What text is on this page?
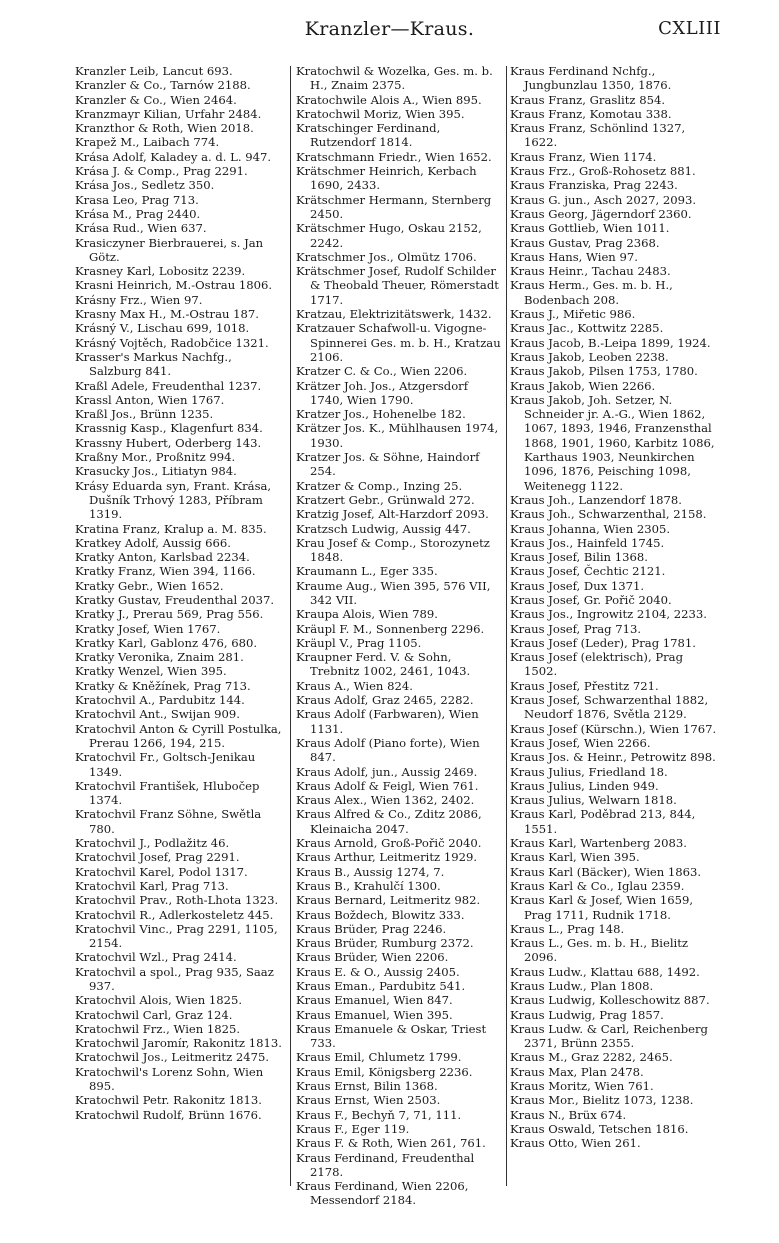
Kranzler—Kraus.	CXLIII
Kranzler Leib, Lancut 693.
Kranzler & Co., Tarnów 2188.
Kranzler & Co., Wien 2464.
Kranzmayr Kilian, Urfahr 2484.
Kranzthor & Roth, Wien 2018.
Krapež M., Laibach 774.
Krása Adolf, Kaladey a. d. L. 947.
Krása J. & Comp., Prag 2291.
Krása Jos., Sedletz 350.
Krasa Leo, Prag 713.
Krása M., Prag 2440.
Krása Rud., Wien 637.
Krasiczyner Bierbrauerei, s. Jan Götz.
Krasney Karl, Lobositz 2239.
Krasni Heinrich, M.-Ostrau 1806.
Krásny Frz., Wien 97.
Krasny Max H., M.-Ostrau 187.
Krásný V., Lischau 699, 1018.
Krásný Vojtěch, Radobčice 1321.
Krasser's Markus Nachfg., Salzburg 841.
Kraßl Adele, Freudenthal 1237.
Krassl Anton, Wien 1767.
Kraßl Jos., Brünn 1235.
Krassnig Kasp., Klagenfurt 834.
Krassny Hubert, Oderberg 143.
Kraßny Mor., Proßnitz 994.
Krasucky Jos., Litiatyn 984.
Krásy Eduarda syn, Frant. Krása, Dušník Trhový 1283, Příbram 1319.
Kratina Franz, Kralup a. M. 835.
Kratkey Adolf, Aussig 666.
Kratky Anton, Karlsbad 2234.
Kratky Franz, Wien 394, 1166.
Kratky Gebr., Wien 1652.
Kratky Gustav, Freudenthal 2037.
Kratky J., Prerau 569, Prag 556.
Kratky Josef, Wien 1767.
Kratky Karl, Gablonz 476, 680.
Kratky Veronika, Znaim 281.
Kratky Wenzel, Wien 395.
Kratky & Kněžínek, Prag 713.
Kratochvil A., Pardubitz 144.
Kratochvil Ant., Swijan 909.
Kratochvil Anton & Cyrill Postulka, Prerau 1266, 194, 215.
Kratochvil Fr., Goltsch-Jenikau 1349.
Kratochvil František, Hlubočep 1374.
Kratochvil Franz Söhne, Swětla 780.
Kratochvil J., Podlažitz 46.
Kratochvil Josef, Prag 2291.
Kratochvil Karel, Podol 1317.
Kratochvil Karl, Prag 713.
Kratochvil Prav., Roth-Lhota 1323.
Kratochvil R., Adlerkosteletz 445.
Kratochvil Vinc., Prag 2291, 1105, 2154.
Kratochvil Wzl., Prag 2414.
Kratochvil a spol., Prag 935, Saaz 937.
Kratochvil Alois, Wien 1825.
Kratochwil Carl, Graz 124.
Kratochwil Frz., Wien 1825.
Kratochwil Jaromír, Rakonitz 1813.
Kratochwil Jos., Leitmeritz 2475.
Kratochwil's Lorenz Sohn, Wien 895.
Kratochwil Petr. Rakonitz 1813.
Kratochwil Rudolf, Brünn 1676.
Kratochwil & Wozelka, Ges. m. b. H., Znaim 2375.
Kratochwile Alois A., Wien 895.
Kratochwil Moriz, Wien 395.
Kratschinger Ferdinand, Rutzendorf 1814.
Kratschmann Friedr., Wien 1652.
Krätschmer Heinrich, Kerbach 1690, 2433.
Krätschmer Hermann, Sternberg 2450.
Krätschmer Hugo, Oskau 2152, 2242.
Kratschmer Jos., Olmütz 1706.
Krätschmer Josef, Rudolf Schilder & Theobald Theuer, Römerstadt 1717.
Kratzau, Elektrizitätswerk, 1432.
Kratzauer Schafwoll-u. Vigogne-Spinnerei Ges. m. b. H., Kratzau 2106.
Kratzer C. & Co., Wien 2206.
Krätzer Joh. Jos., Atzgersdorf 1740, Wien 1790.
Kratzer Jos., Hohenelbe 182.
Krätzer Jos. K., Mühlhausen 1974, 1930.
Kratzer Jos. & Söhne, Haindorf 254.
Kratzer & Comp., Inzing 25.
Kratzert Gebr., Grünwald 272.
Kratzig Josef, Alt-Harzdorf 2093.
Kratzsch Ludwig, Aussig 447.
Krau Josef & Comp., Storozynetz 1848.
Kraumann L., Eger 335.
Kraume Aug., Wien 395, 576 VII, 342 VII.
Kraupa Alois, Wien 789.
Kräupl F. M., Sonnenberg 2296.
Kräupl V., Prag 1105.
Kraupner Ferd. V. & Sohn, Trebnitz 1002, 2461, 1043.
Kraus A., Wien 824.
Kraus Adolf, Graz 2465, 2282.
Kraus Adolf (Farbwaren), Wien 1131.
Kraus Adolf (Piano forte), Wien 847.
Kraus Adolf, jun., Aussig 2469.
Kraus Adolf & Feigl, Wien 761.
Kraus Alex., Wien 1362, 2402.
Kraus Alfred & Co., Zditz 2086, Kleinaicha 2047.
Kraus Arnold, Groß-Pořič 2040.
Kraus Arthur, Leitmeritz 1929.
Kraus B., Aussig 1274, 7.
Kraus B., Krahulčí 1300.
Kraus Bernard, Leitmeritz 982.
Kraus Boždech, Blowitz 333.
Kraus Brüder, Prag 2246.
Kraus Brüder, Rumburg 2372.
Kraus Brüder, Wien 2206.
Kraus E. & O., Aussig 2405.
Kraus Eman., Pardubitz 541.
Kraus Emanuel, Wien 847.
Kraus Emanuel, Wien 395.
Kraus Emanuele & Oskar, Triest 733.
Kraus Emil, Chlumetz 1799.
Kraus Emil, Königsberg 2236.
Kraus Ernst, Bilin 1368.
Kraus Ernst, Wien 2503.
Kraus F., Bechyň 7, 71, 111.
Kraus F., Eger 119.
Kraus F. & Roth, Wien 261, 761.
Kraus Ferdinand, Freudenthal 2178.
Kraus Ferdinand, Wien 2206, Messendorf 2184.
Kraus Ferdinand Nchfg., Jungbunzlau 1350, 1876.
Kraus Franz, Graslitz 854.
Kraus Franz, Komotau 338.
Kraus Franz, Schönlind 1327, 1622.
Kraus Franz, Wien 1174.
Kraus Frz., Groß-Rohosetz 881.
Kraus Franziska, Prag 2243.
Kraus G. jun., Asch 2027, 2093.
Kraus Georg, Jägerndorf 2360.
Kraus Gottlieb, Wien 1011.
Kraus Gustav, Prag 2368.
Kraus Hans, Wien 97.
Kraus Heinr., Tachau 2483.
Kraus Herm., Ges. m. b. H., Bodenbach 208.
Kraus J., Miřetic 986.
Kraus Jac., Kottwitz 2285.
Kraus Jacob, B.-Leipa 1899, 1924.
Kraus Jakob, Leoben 2238.
Kraus Jakob, Pilsen 1753, 1780.
Kraus Jakob, Wien 2266.
Kraus Jakob, Joh. Setzer, N. Schneider jr. A.-G., Wien 1862, 1067, 1893, 1946, Franzensthal 1868, 1901, 1960, Karbitz 1086, Karthaus 1903, Neunkirchen 1096, 1876, Peisching 1098, Weitenegg 1122.
Kraus Joh., Lanzendorf 1878.
Kraus Joh., Schwarzenthal, 2158.
Kraus Johanna, Wien 2305.
Kraus Jos., Hainfeld 1745.
Kraus Josef, Bilin 1368.
Kraus Josef, Čechtic 2121.
Kraus Josef, Dux 1371.
Kraus Josef, Gr. Pořič 2040.
Kraus Jos., Ingrowitz 2104, 2233.
Kraus Josef, Prag 713.
Kraus Josef (Leder), Prag 1781.
Kraus Josef (elektrisch), Prag 1502.
Kraus Josef, Přestitz 721.
Kraus Josef, Schwarzenthal 1882, Neudorf 1876, Světla 2129.
Kraus Josef (Kürschn.), Wien 1767.
Kraus Josef, Wien 2266.
Kraus Jos. & Heinr., Petrowitz 898.
Kraus Julius, Friedland 18.
Kraus Julius, Linden 949.
Kraus Julius, Welwarn 1818.
Kraus Karl, Poděbrad 213, 844, 1551.
Kraus Karl, Wartenberg 2083.
Kraus Karl, Wien 395.
Kraus Karl (Bäcker), Wien 1863.
Kraus Karl & Co., Iglau 2359.
Kraus Karl & Josef, Wien 1659, Prag 1711, Rudnik 1718.
Kraus L., Prag 148.
Kraus L., Ges. m. b. H., Bielitz 2096.
Kraus Ludw., Klattau 688, 1492.
Kraus Ludw., Plan 1808.
Kraus Ludwig, Kolleschowitz 887.
Kraus Ludwig, Prag 1857.
Kraus Ludw. & Carl, Reichenberg 2371, Brünn 2355.
Kraus M., Graz 2282, 2465.
Kraus Max, Plan 2478.
Kraus Moritz, Wien 761.
Kraus Mor., Bielitz 1073, 1238.
Kraus N., Brüx 674.
Kraus Oswald, Tetschen 1816.
Kraus Otto, Wien 261.
